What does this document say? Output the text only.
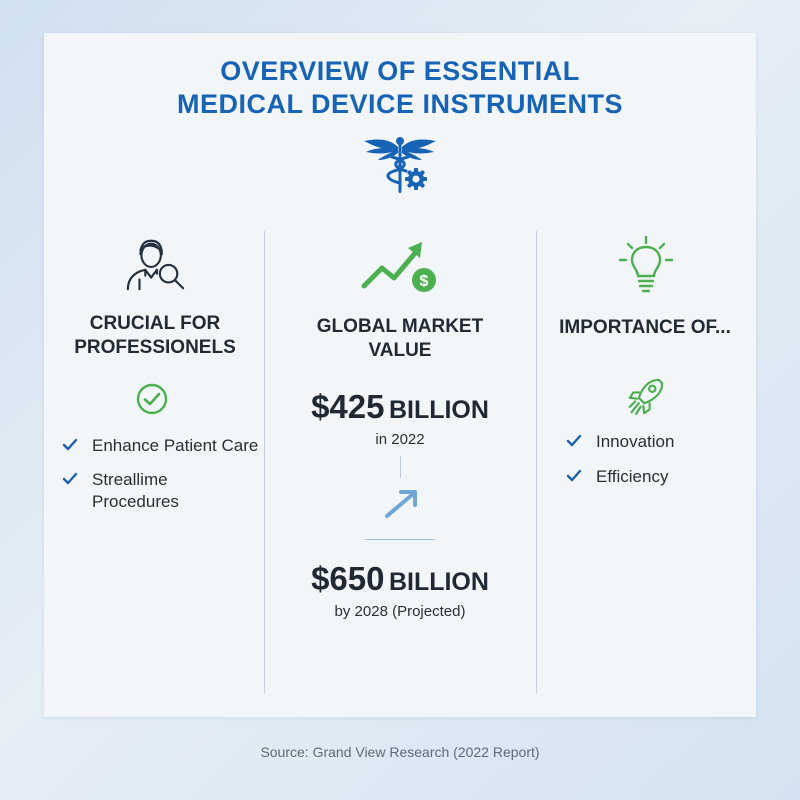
OVERVIEW OF ESSENTIAL
MEDICAL DEVICE INSTRUMENTS
CRUCIAL FOR
PROFESSIONELS
Enhance Patient Care
Streallime Procedures
$
GLOBAL MARKET VALUE
$425 BILLION
in 2022
$650 BILLION
by 2028 (Projected)
IMPORTANCE OF...
Innovation
Efficiency
Source: Grand View Research (2022 Report)
